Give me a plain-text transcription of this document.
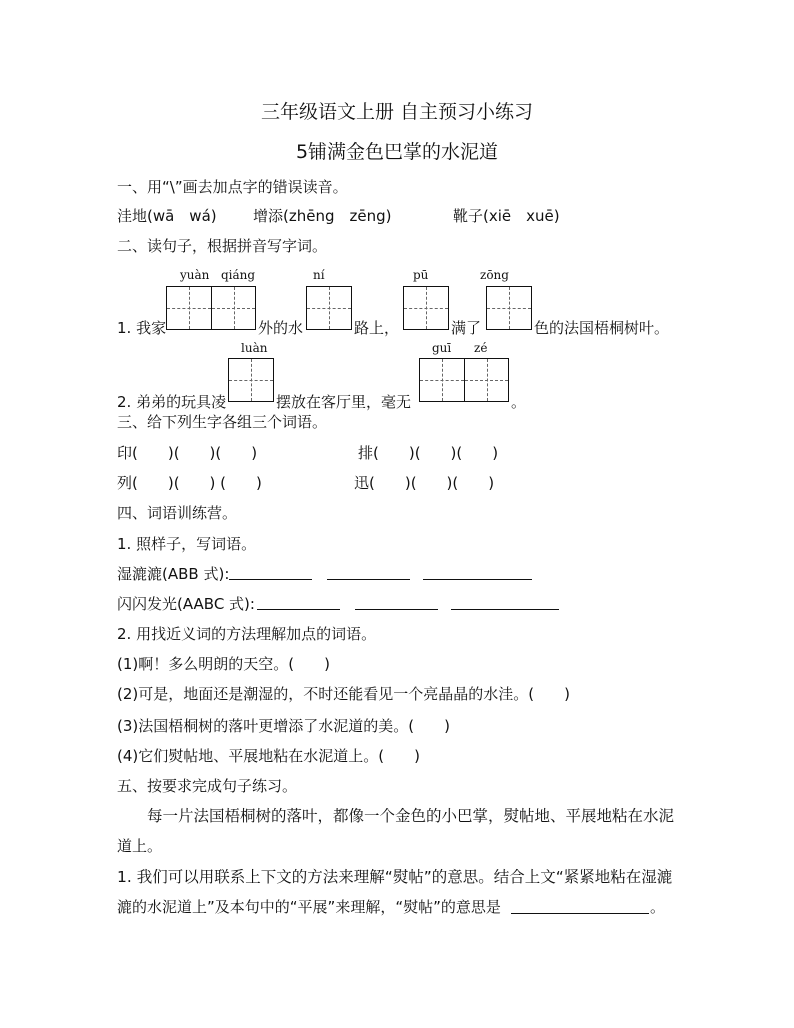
三年级语文上册 自主预习小练习
5铺满金色巴掌的水泥道
一、用“\”画去加点字的错误读音。
洼地(wā　wá) 增添(zhēng　zēng)	靴子(xiē　xuē)
二、读句子，根据拼音写字词。
yuàn qiáng	ní	pū	zōng
1. 我家	外的水	路上，	满了	色的法国梧桐树叶。
luàn	guī zé
2. 弟弟的玩具凌	摆放在客厅里，毫无	。
三、给下列生字各组三个词语。
印(　　)(　　)(　　)	排(　　)(　　)(　　)
列(　　)(　　) (　　)	迅(　　)(　　)(　　)
四、词语训练营。
1. 照样子，写词语。
湿漉漉(ABB 式):
闪闪发光(AABC 式):
2. 用找近义词的方法理解加点的词语。
(1)啊！多么明朗的天空。(　　)
(2)可是，地面还是潮湿的，不时还能看见一个亮晶晶的水洼。(　　)
(3)法国梧桐树的落叶更增添了水泥道的美。(　　)
(4)它们熨帖地、平展地粘在水泥道上。(　　)
五、按要求完成句子练习。
每一片法国梧桐树的落叶，都像一个金色的小巴掌，熨帖地、平展地粘在水泥
道上。
1. 我们可以用联系上下文的方法来理解“熨帖”的意思。结合上文“紧紧地粘在湿漉
漉的水泥道上”及本句中的“平展”来理解，“熨帖”的意思是	。
